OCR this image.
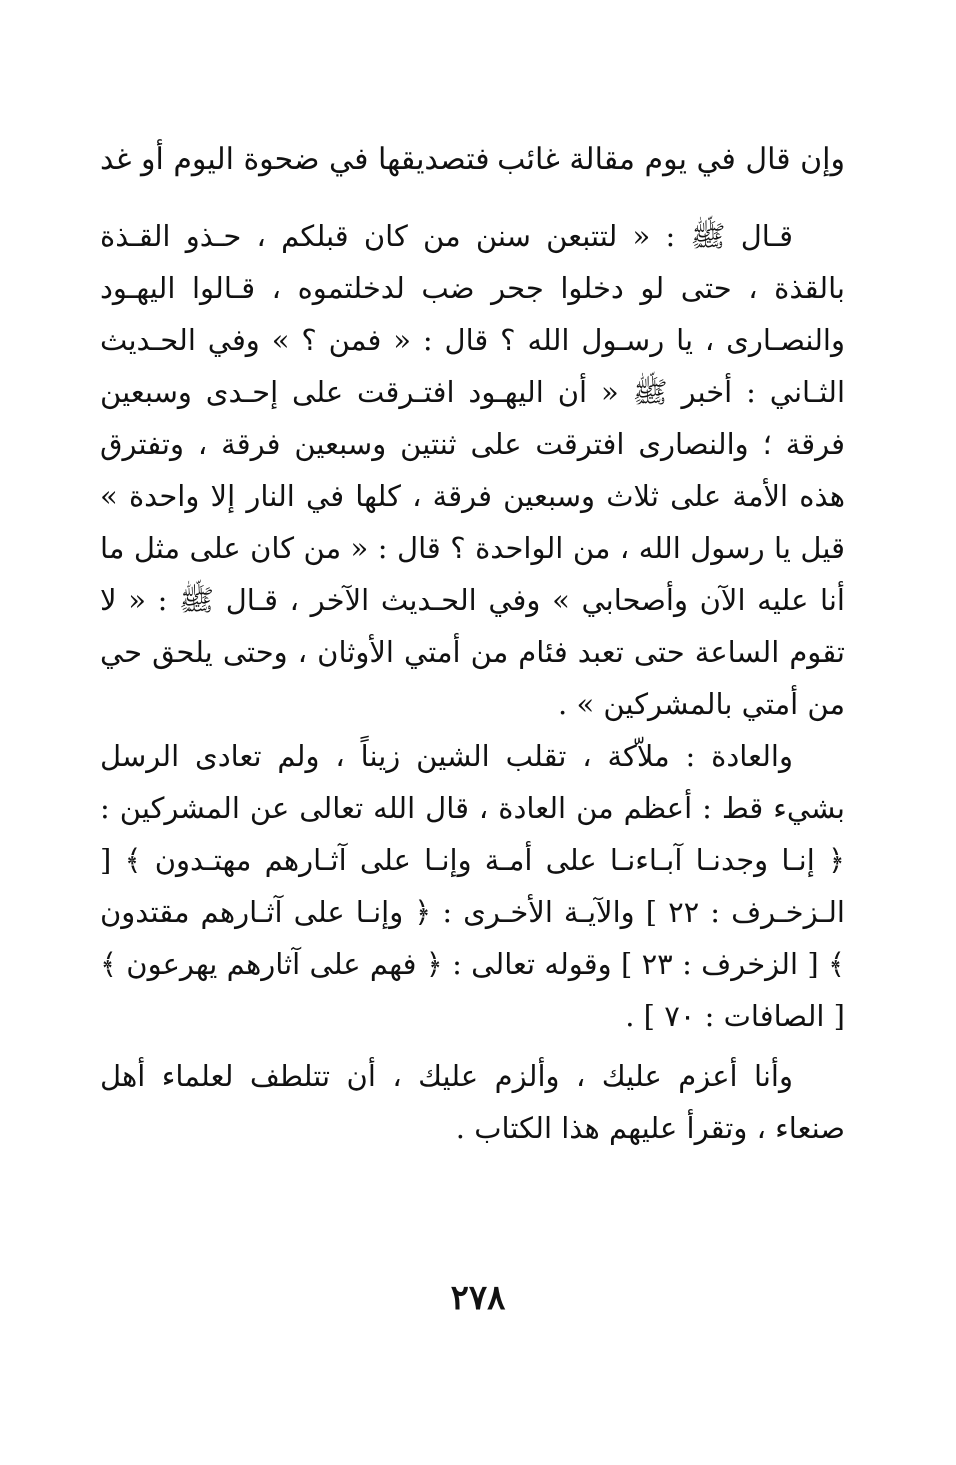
وإن قال في يوم مقالة غائب
فتصديقها في ضحوة اليوم أو غد

قـال ﷺ : « لتتبعن سنن من كان قبلكم ، حـذو القـذة بالقذة ، حتى لو دخلوا جحر ضب لدخلتموه ، قـالوا اليهـود والنصـارى ، يا رسـول الله ؟ قال : « فمن ؟ » وفي الحـديث الثـاني : أخبر ﷺ « أن اليهـود افتـرقت على إحـدى وسبعين فرقة ؛ والنصارى افترقت على ثنتين وسبعين فرقة ، وتفترق هذه الأمة على ثلاث وسبعين فرقة ، كلها في النار إلا واحدة » قيل يا رسول الله ، من الواحدة ؟ قال : « من كان على مثل ما أنا عليه الآن وأصحابي » وفي الحـديث الآخر ، قـال ﷺ : « لا تقوم الساعة حتى تعبد فئام من أمتي الأوثان ، وحتى يلحق حي من أمتي بالمشركين » .

والعادة : ملاّكة ، تقلب الشين زيناً ، ولم تعادى الرسل بشيء قط : أعظم من العادة ، قال الله تعالى عن المشركين : ﴿ إنـا وجدنـا آبـاءنـا على أمـة وإنـا على آثـارهم مهتـدون ﴾ [ الـزخـرف : ٢٢ ] والآيـة الأخـرى : ﴿ وإنـا على آثـارهم مقتدون ﴾ [ الزخرف : ٢٣ ] وقوله تعالى : ﴿ فهم على آثارهم يهرعون ﴾ [ الصافات : ٧٠ ] .

وأنا أعزم عليك ، وألزم عليك ، أن تتلطف لعلماء أهل صنعاء ، وتقرأ عليهم هذا الكتاب .

٢٧٨
